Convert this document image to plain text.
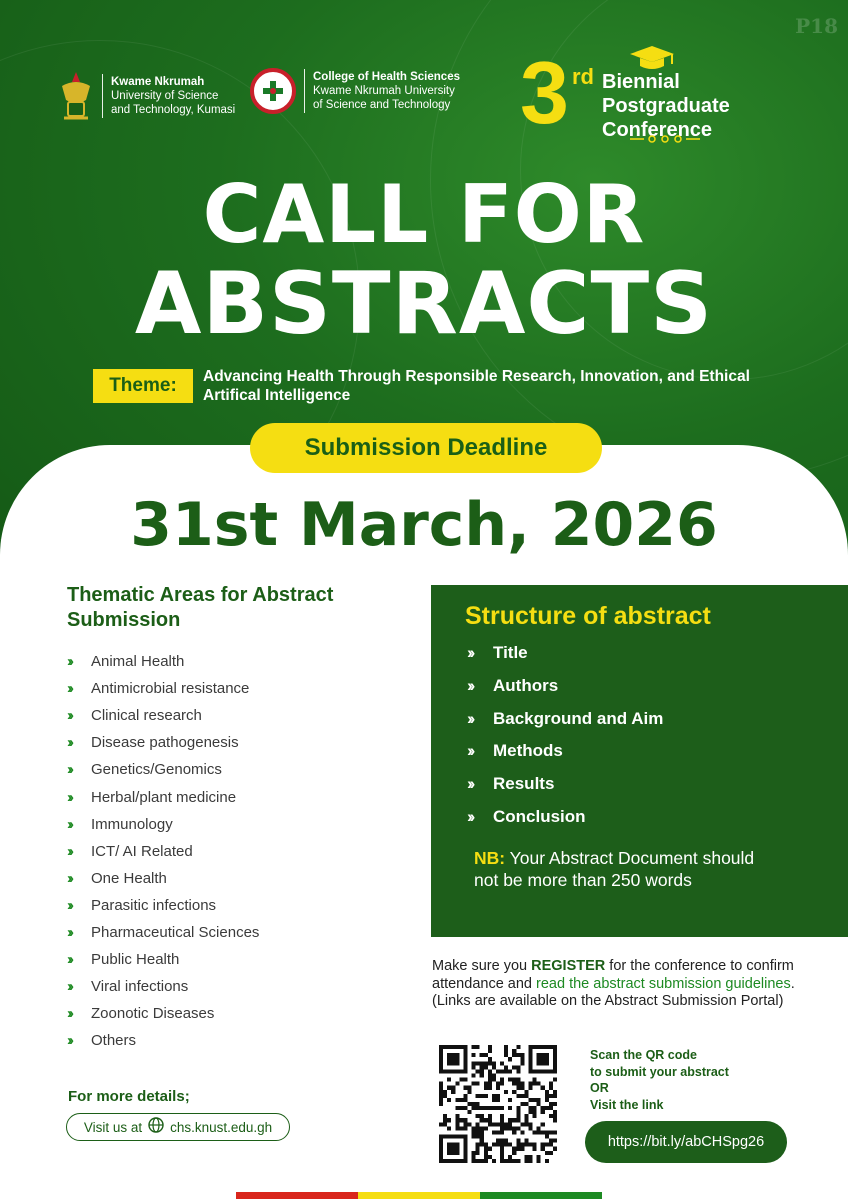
P18
Kwame Nkrumah
University of Science
and Technology, Kumasi
College of Health Sciences
Kwame Nkrumah University
of Science and Technology 3 rd Biennial
Postgraduate
Conference
CALL FOR
ABSTRACTS
Theme:	Advancing Health Through Responsible Research, Innovation, and Ethical Artifical Intelligence
Submission Deadline
31st March, 2026
Thematic Areas for Abstract Submission
››	Animal Health
››	Antimicrobial resistance
››	Clinical research
››	Disease pathogenesis
››	Genetics/Genomics
››	Herbal/plant medicine
››	Immunology
››	ICT/ AI Related
››	One Health
››	Parasitic infections
››	Pharmaceutical Sciences
››	Public Health
››	Viral infections
››	Zoonotic Diseases
››	Others
For more details;
Visit us at chs.knust.edu.gh
Structure of abstract
››	Title
››	Authors
››	Background and Aim
››	Methods
››	Results
››	Conclusion
NB: Your Abstract Document should not be more than 250 words
Make sure you REGISTER for the conference to confirm attendance and read the abstract submission guidelines. (Links are available on the Abstract Submission Portal)
Scan the QR code
to submit your abstract
OR
Visit the link
https://bit.ly/abCHSpg26
